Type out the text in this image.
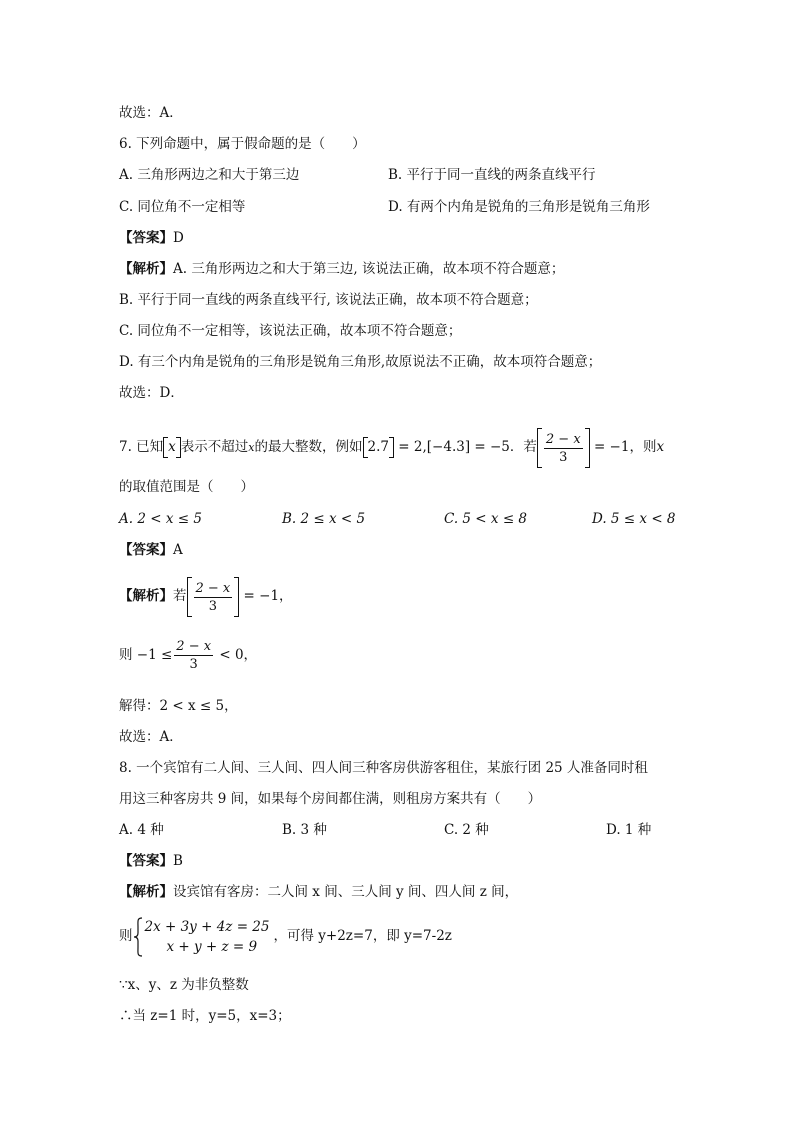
故选：A．
6. 下列命题中，属于假命题的是（　　）
A. 三角形两边之和大于第三边	B. 平行于同一直线的两条直线平行
C. 同位角不一定相等	D. 有两个内角是锐角的三角形是锐角三角形
【答案】D
【解析】A. 三角形两边之和大于第三边, 该说法正确，故本项不符合题意；
B. 平行于同一直线的两条直线平行, 该说法正确，故本项不符合题意；
C. 同位角不一定相等，该说法正确，故本项不符合题意；
D. 有三个内角是锐角的三角形是锐角三角形,故原说法不正确，故本项符合题意；
故选：D．
7. 已知 x 表示不超过x的最大整数，例如 2.7 = 2,[−4.3] = −5．若 $\frac{2 - x}{3} = -1$，则x
的取值范围是（　　）
A. 2 < x ≤ 5	B. 2 ≤ x < 5	C. 5 < x ≤ 8	D. 5 ≤ x < 8
【答案】A
【解析】若 $\frac{2 - x}{3} = -1$，
则 $-1 \le \frac{2 - x}{3} < 0$，
解得：2 < x ≤ 5，
故选：A．
8. 一个宾馆有二人间、三人间、四人间三种客房供游客租住，某旅行团 25 人准备同时租
用这三种客房共 9 间，如果每个房间都住满，则租房方案共有（　　）
A. 4 种	B. 3 种	C. 2 种	D. 1 种
【答案】B
【解析】设宾馆有客房：二人间 x 间、三人间 y 间、四人间 z 间，
则
2x + 3y + 4z = 25
x + y + z = 9
，可得 y+2z=7，即 y=7-2z
∵x、y、z 为非负整数
∴当 z=1 时，y=5，x=3；
